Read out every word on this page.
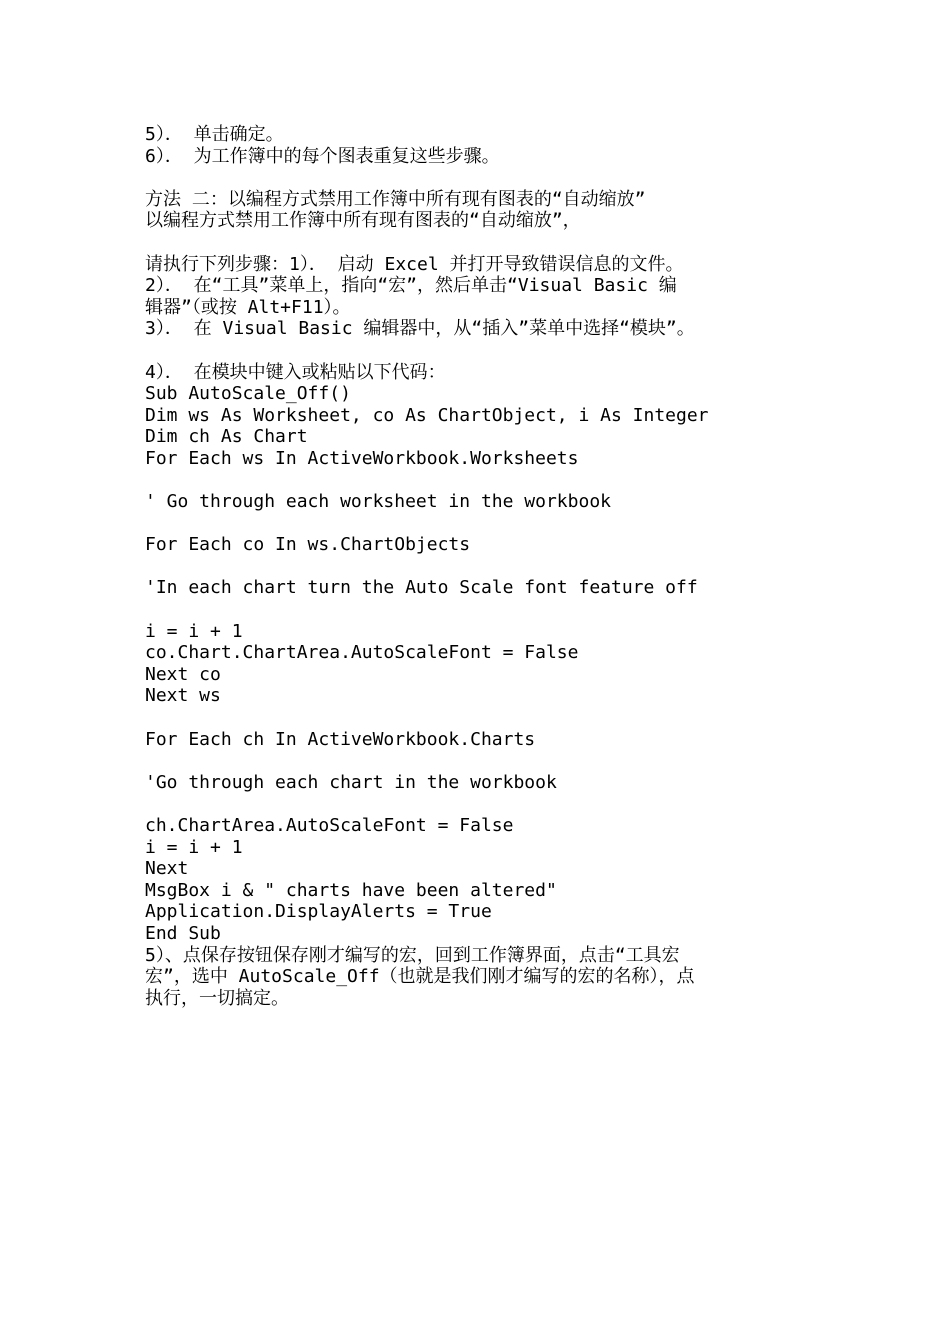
5）． 单击确定。
6）． 为工作簿中的每个图表重复这些步骤。
方法 二：以编程方式禁用工作簿中所有现有图表的“自动缩放”
以编程方式禁用工作簿中所有现有图表的“自动缩放”，
请执行下列步骤：1）． 启动 Excel 并打开导致错误信息的文件。
2）． 在“工具”菜单上，指向“宏”，然后单击“Visual Basic 编
辑器”（或按 Alt+F11）。
3）． 在 Visual Basic 编辑器中，从“插入”菜单中选择“模块”。
4）． 在模块中键入或粘贴以下代码：
Sub AutoScale_Off()
Dim ws As Worksheet, co As ChartObject, i As Integer
Dim ch As Chart
For Each ws In ActiveWorkbook.Worksheets
' Go through each worksheet in the workbook
For Each co In ws.ChartObjects
'In each chart turn the Auto Scale font feature off
i = i + 1
co.Chart.ChartArea.AutoScaleFont = False
Next co
Next ws
For Each ch In ActiveWorkbook.Charts
'Go through each chart in the workbook
ch.ChartArea.AutoScaleFont = False
i = i + 1
Next
MsgBox i & " charts have been altered"
Application.DisplayAlerts = True
End Sub
5）、点保存按钮保存刚才编写的宏，回到工作簿界面，点击“工具宏
宏”，选中 AutoScale_Off（也就是我们刚才编写的宏的名称），点
执行，一切搞定。
